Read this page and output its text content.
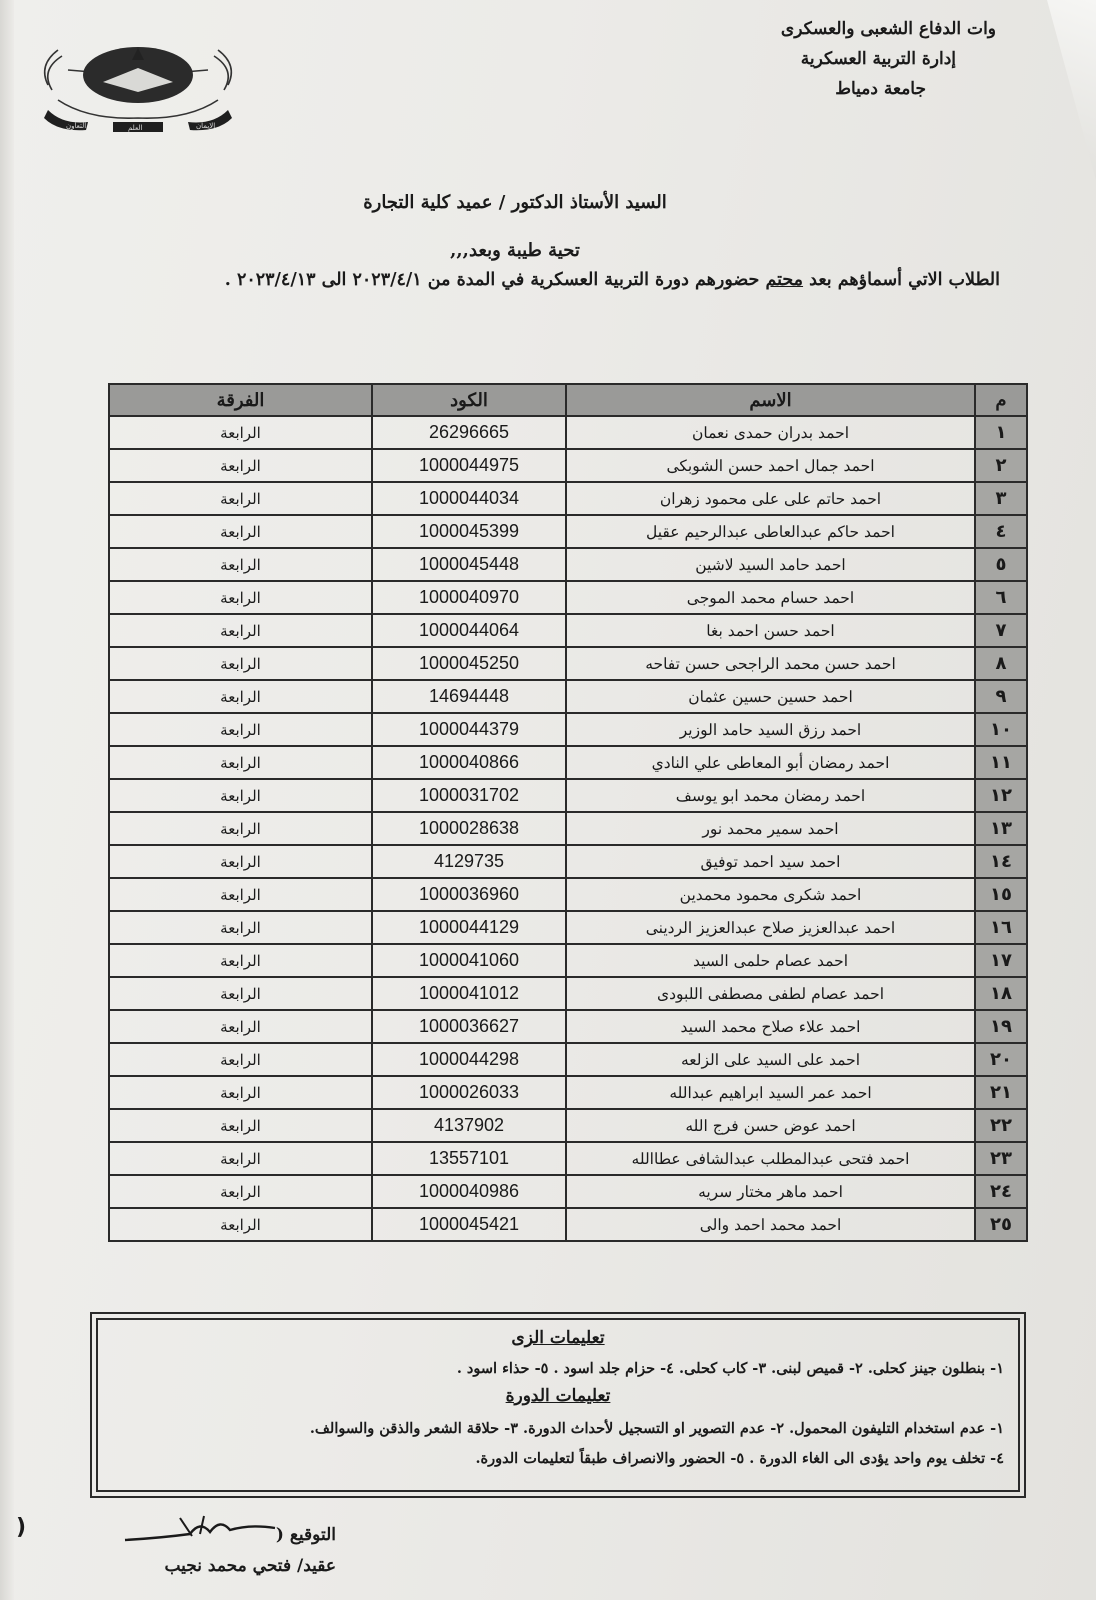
وات الدفاع الشعبى والعسكرى
إدارة التربية العسكرية
جامعة دمياط
التعاون	العلم	الإيمان
السيد الأستاذ الدكتور / عميد كلية التجارة
تحية طيبة وبعد,,,
الطلاب الاتي أسماؤهم بعد محتم حضورهم دورة التربية العسكرية في المدة من ٢٠٢٣/٤/١ الى ٢٠٢٣/٤/١٣ .
م	الاسم	الكود	الفرقة
١	احمد بدران حمدى نعمان	26296665	الرابعة
٢	احمد جمال احمد حسن الشوبكى	1000044975	الرابعة
٣	احمد حاتم على على محمود زهران	1000044034	الرابعة
٤	احمد حاكم عبدالعاطى عبدالرحيم عقيل	1000045399	الرابعة
٥	احمد حامد السيد لاشين	1000045448	الرابعة
٦	احمد حسام محمد الموجى	1000040970	الرابعة
٧	احمد حسن احمد بغا	1000044064	الرابعة
٨	احمد حسن محمد الراجحى حسن تفاحه	1000045250	الرابعة
٩	احمد حسين حسين عثمان	14694448	الرابعة
١٠	احمد رزق السيد حامد الوزير	1000044379	الرابعة
١١	احمد رمضان أبو المعاطى علي النادي	1000040866	الرابعة
١٢	احمد رمضان محمد ابو يوسف	1000031702	الرابعة
١٣	احمد سمير محمد نور	1000028638	الرابعة
١٤	احمد سيد احمد توفيق	4129735	الرابعة
١٥	احمد شكرى محمود محمدين	1000036960	الرابعة
١٦	احمد عبدالعزيز صلاح عبدالعزيز الردينى	1000044129	الرابعة
١٧	احمد عصام حلمى السيد	1000041060	الرابعة
١٨	احمد عصام لطفى مصطفى اللبودى	1000041012	الرابعة
١٩	احمد علاء صلاح محمد السيد	1000036627	الرابعة
٢٠	احمد على السيد على الزلعه	1000044298	الرابعة
٢١	احمد عمر السيد ابراهيم عبدالله	1000026033	الرابعة
٢٢	احمد عوض حسن فرج الله	4137902	الرابعة
٢٣	احمد فتحى عبدالمطلب عبدالشافى عطاالله	13557101	الرابعة
٢٤	احمد ماهر مختار سريه	1000040986	الرابعة
٢٥	احمد محمد احمد والى	1000045421	الرابعة
تعليمات الزى
١- بنطلون جينز كحلى. ٢- قميص لبنى. ٣- كاب كحلى. ٤- حزام جلد اسود . ٥- حذاء اسود .
تعليمات الدورة
١- عدم استخدام التليفون المحمول. ٢- عدم التصوير او التسجيل لأحداث الدورة. ٣- حلاقة الشعر والذقن والسوالف.
٤- تخلف يوم واحد يؤدى الى الغاء الدورة . ٥- الحضور والانصراف طبقاً لتعليمات الدورة.
التوقيع (
)
عقيد/ فتحي محمد نجيب
